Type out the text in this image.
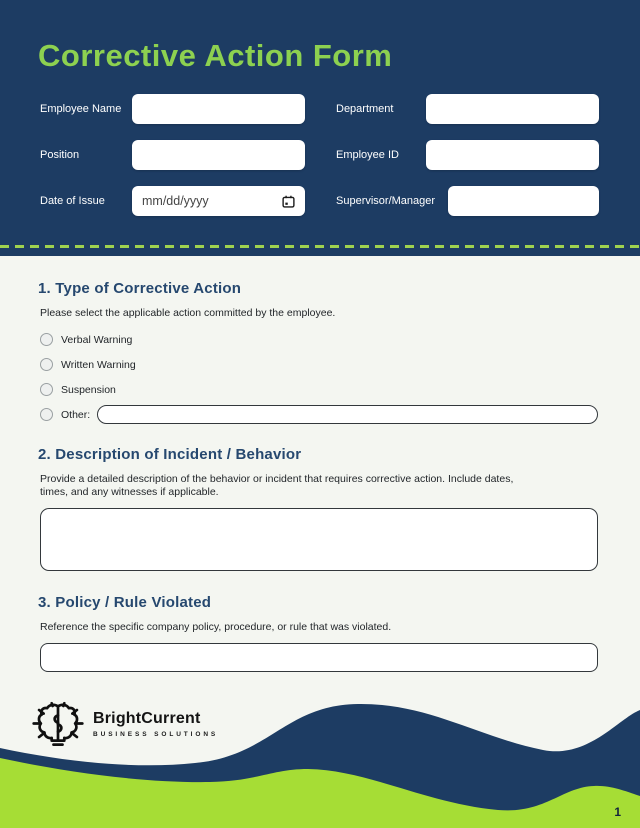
Corrective Action Form
Employee Name	Department
Position	Employee ID
Date of Issue	mm/dd/yyyy	Supervisor/Manager
1. Type of Corrective Action

Please select the applicable action committed by the employee.

Verbal Warning
Written Warning
Suspension
Other:
2. Description of Incident / Behavior

Provide a detailed description of the behavior or incident that requires corrective action. Include dates, times, and any witnesses if applicable.

3. Policy / Rule Violated

Reference the specific company policy, procedure, or rule that was violated.

BrightCurrent
BUSINESS SOLUTIONS
1
